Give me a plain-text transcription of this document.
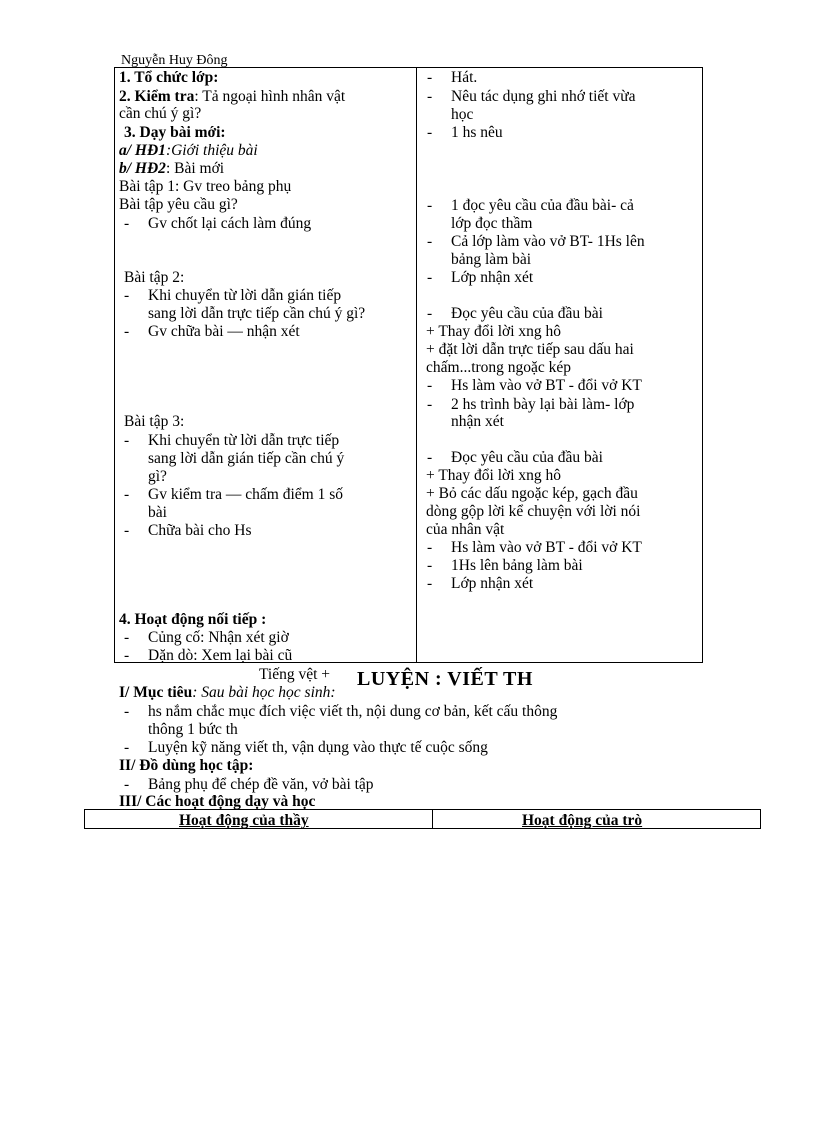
Nguyễn Huy Đông
1. Tổ chức lớp:
2. Kiểm tra: Tả ngoại hình nhân vật
cần chú ý gì?
3. Dạy bài mới:
a/ HĐ1:Giới thiệu bài
b/ HĐ2: Bài mới
Bài tập 1: Gv treo bảng phụ
Bài tập yêu cầu gì?
- Gv chốt lại cách làm đúng
Bài tập 2:
- Khi chuyển từ lời dẫn gián tiếp
sang lời dẫn trực tiếp cần chú ý gì?
- Gv chữa bài — nhận xét
Bài tập 3:
- Khi chuyển từ lời dẫn trực tiếp
sang lời dẫn gián tiếp cần chú ý
gì?
- Gv kiểm tra — chấm điểm 1 số
bài
- Chữa bài cho Hs
4. Hoạt động nối tiếp :
- Củng cố: Nhận xét giờ
- Dặn dò: Xem lại bài cũ
- Hát.
- Nêu tác dụng ghi nhớ tiết vừa
học
- 1 hs nêu
- 1 đọc yêu cầu của đầu bài- cả
lớp đọc thầm
- Cả lớp làm vào vở BT- 1Hs lên
bảng làm bài
- Lớp nhận xét
- Đọc yêu cầu của đầu bài
+ Thay đổi lời xng hô
+ đặt lời dẫn trực tiếp sau dấu hai
chấm...trong ngoặc kép
- Hs làm vào vở BT - đổi vở KT
- 2 hs trình bày lại bài làm- lớp
nhận xét
- Đọc yêu cầu của đầu bài
+ Thay đổi lời xng hô
+ Bỏ các dấu ngoặc kép, gạch đầu
dòng gộp lời kể chuyện với lời nói
của nhân vật
- Hs làm vào vở BT - đổi vở KT
- 1Hs lên bảng làm bài
- Lớp nhận xét
Tiếng vệt + LUYỆN : VIẾT TH
I/ Mục tiêu: Sau bài học học sinh:
- hs nắm chắc mục đích việc viết th, nội dung cơ bản, kết cấu thông
thông 1 bức th
- Luyện kỹ năng viết th, vận dụng vào thực tế cuộc sống
II/ Đồ dùng học tập:
- Bảng phụ để chép đề văn, vở bài tập
III/ Các hoạt động dạy và học
Hoạt động của thầy	Hoạt động của trò
